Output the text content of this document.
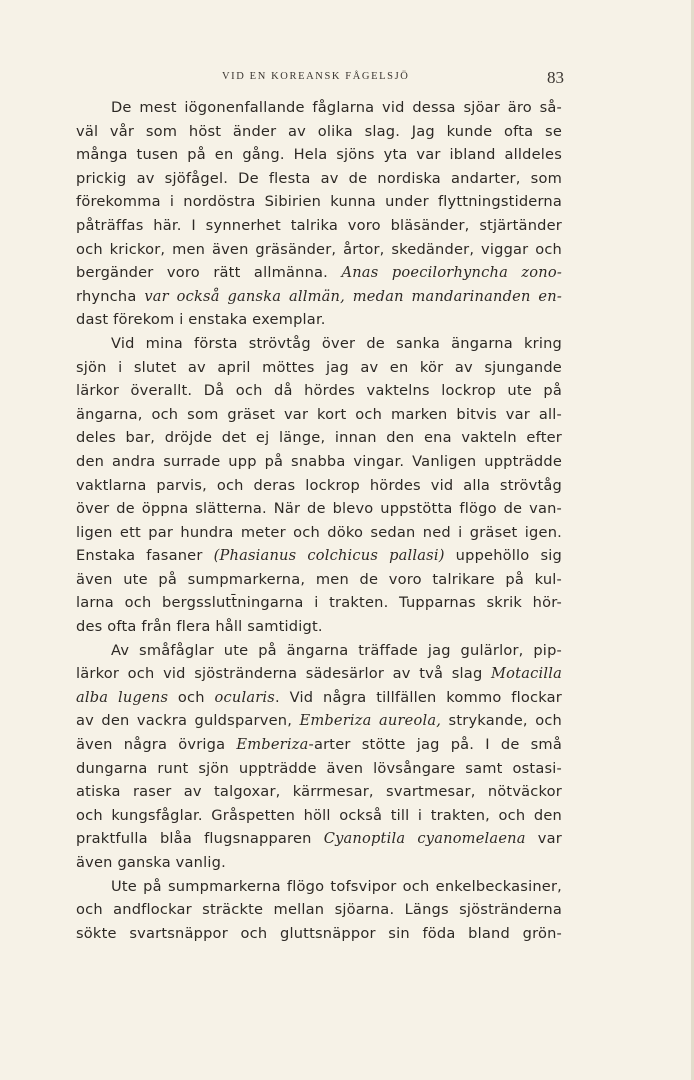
VID EN KOREANSK FÅGELSJÖ	83
De mest iögonenfallande fåglarna vid dessa sjöar äro så-
väl vår som höst änder av olika slag. Jag kunde ofta se
många tusen på en gång. Hela sjöns yta var ibland alldeles
prickig av sjöfågel. De flesta av de nordiska andarter, som
förekomma i nordöstra Sibirien kunna under flyttningstiderna
påträffas här. I synnerhet talrika voro bläsänder, stjärtänder
och krickor, men även gräsänder, årtor, skedänder, viggar och
bergänder voro rätt allmänna. Anas poecilorhyncha zono-
rhyncha var också ganska allmän, medan mandarinanden en-
dast förekom i enstaka exemplar.
Vid mina första strövtåg över de sanka ängarna kring
sjön i slutet av april möttes jag av en kör av sjungande
lärkor överallt. Då och då hördes vaktelns lockrop ute på
ängarna, och som gräset var kort och marken bitvis var all-
deles bar, dröjde det ej länge, innan den ena vakteln efter
den andra surrade upp på snabba vingar. Vanligen uppträdde
vaktlarna parvis, och deras lockrop hördes vid alla strövtåg
över de öppna slätterna. När de blevo uppstötta flögo de van-
ligen ett par hundra meter och döko sedan ned i gräset igen.
Enstaka fasaner (Phasianus colchicus pallasi) uppehöllo sig
även ute på sumpmarkerna, men de voro talrikare på kul-
larna och bergsslutt̄ningarna i trakten. Tupparnas skrik hör-
des ofta från flera håll samtidigt.
Av småfåglar ute på ängarna träffade jag gulärlor, pip-
lärkor och vid sjöstränderna sädesärlor av två slag Motacilla
alba lugens och ocularis. Vid några tillfällen kommo flockar
av den vackra guldsparven, Emberiza aureola, strykande, och
även några övriga Emberiza-arter stötte jag på. I de små
dungarna runt sjön uppträdde även lövsångare samt ostasi-
atiska raser av talgoxar, kärrmesar, svartmesar, nötväckor
och kungsfåglar. Gråspetten höll också till i trakten, och den
praktfulla blåa flugsnapparen Cyanoptila cyanomelaena var
även ganska vanlig.
Ute på sumpmarkerna flögo tofsvipor och enkelbeckasiner,
och andflockar sträckte mellan sjöarna. Längs sjöstränderna
sökte svartsnäppor och gluttsnäppor sin föda bland grön-
